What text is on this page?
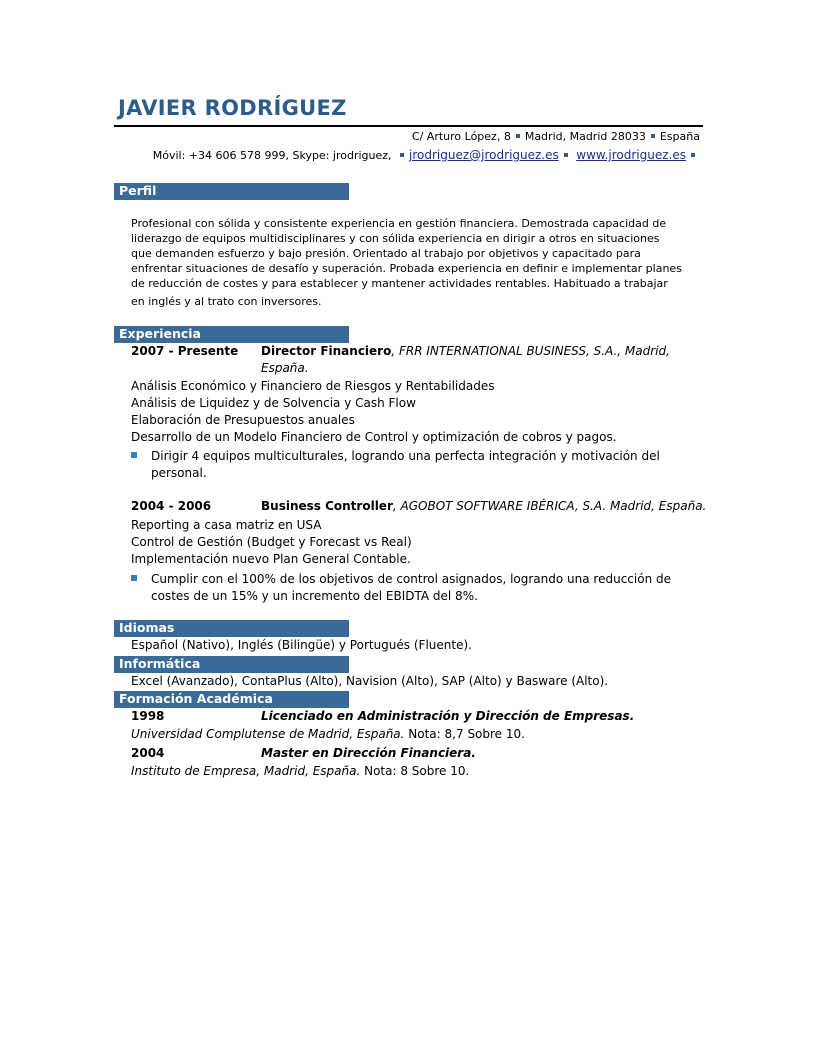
JAVIER RODRÍGUEZ
C/ Arturo López, 8 Madrid, Madrid 28033 España
Móvil: +34 606 578 999, Skype: jrodriguez, jrodriguez@jrodriguez.es www.jrodriguez.es
Perfil
Profesional con sólida y consistente experiencia en gestión financiera. Demostrada capacidad de
liderazgo de equipos multidisciplinares y con sólida experiencia en dirigir a otros en situaciones
que demanden esfuerzo y bajo presión. Orientado al trabajo por objetivos y capacitado para
enfrentar situaciones de desafío y superación. Probada experiencia en definir e implementar planes
de reducción de costes y para establecer y mantener actividades rentables. Habituado a trabajar
en inglés y al trato con inversores.
Experiencia
2007 - Presente Director Financiero, FRR INTERNATIONAL BUSINESS, S.A., Madrid,
España.
Análisis Económico y Financiero de Riesgos y Rentabilidades
Análisis de Liquidez y de Solvencia y Cash Flow
Elaboración de Presupuestos anuales
Desarrollo de un Modelo Financiero de Control y optimización de cobros y pagos.
Dirigir 4 equipos multiculturales, logrando una perfecta integración y motivación del
personal.
2004 - 2006	Business Controller, AGOBOT SOFTWARE IBÉRICA, S.A. Madrid, España.
Reporting a casa matriz en USA
Control de Gestión (Budget y Forecast vs Real)
Implementación nuevo Plan General Contable.
Cumplir con el 100% de los objetivos de control asignados, logrando una reducción de
costes de un 15% y un incremento del EBIDTA del 8%.
Idiomas
Español (Nativo), Inglés (Bilingüe) y Portugués (Fluente).
Informática
Excel (Avanzado), ContaPlus (Alto), Navision (Alto), SAP (Alto) y Basware (Alto).
Formación Académica
1998	Licenciado en Administración y Dirección de Empresas.
Universidad Complutense de Madrid, España. Nota: 8,7 Sobre 10.
2004	Master en Dirección Financiera.
Instituto de Empresa, Madrid, España. Nota: 8 Sobre 10.
